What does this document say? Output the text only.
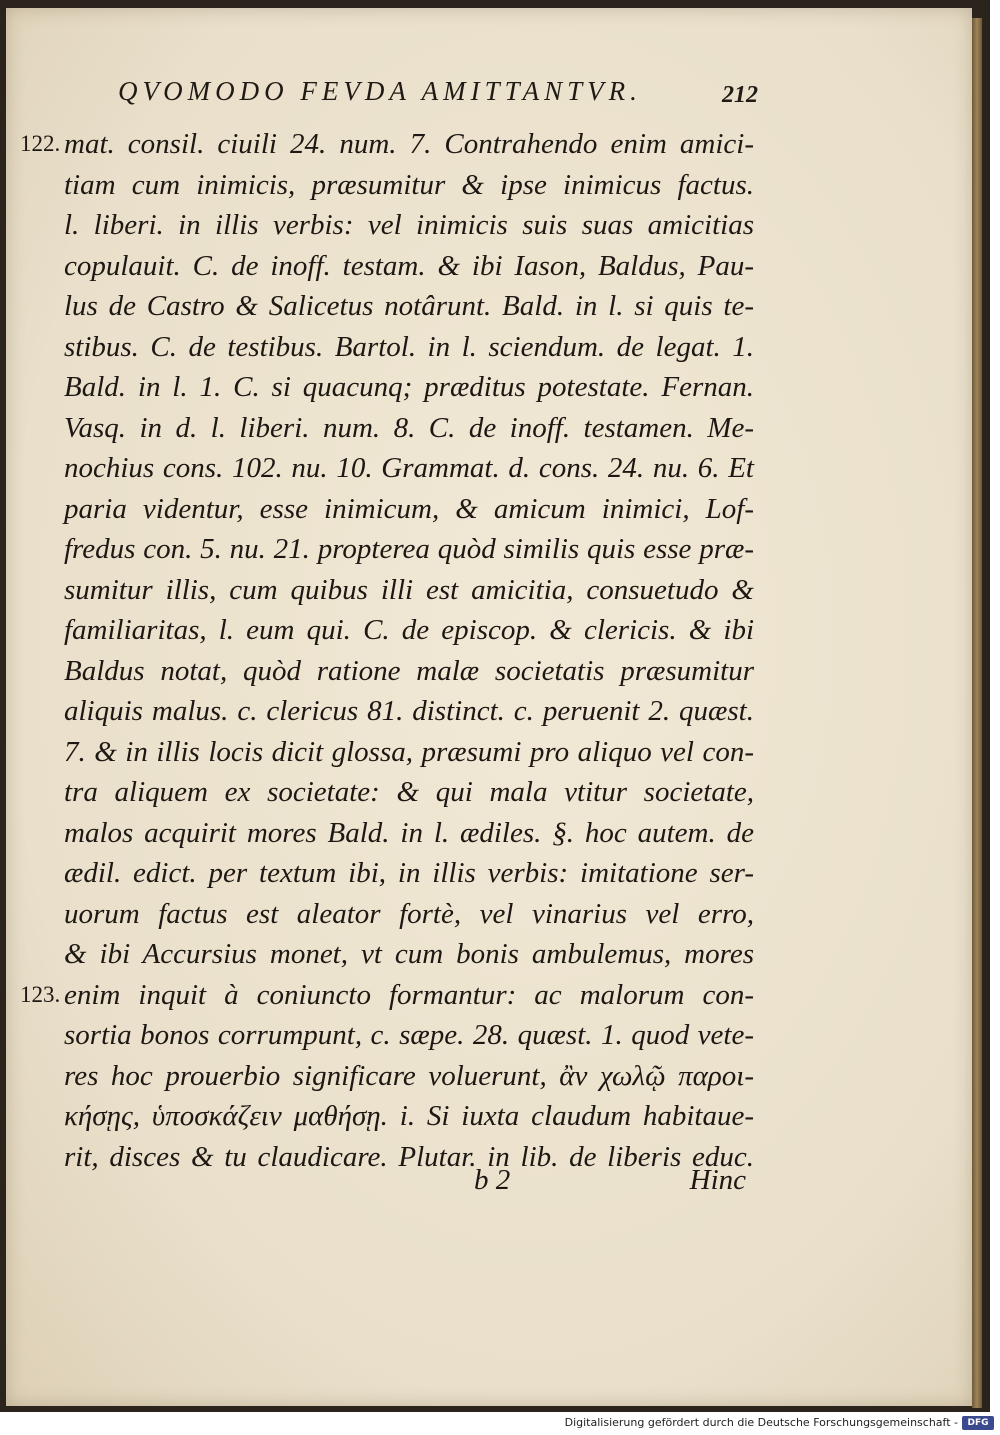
QVOMODO FEVDA AMITTANTVR.	212
122. mat. consil. ciuili 24. num. 7. Contrahendo enim amici-
tiam cum inimicis, præsumitur & ipse inimicus factus.
l. liberi. in illis verbis: vel inimicis suis suas amicitias
copulauit. C. de inoff. testam. & ibi Iason, Baldus, Pau-
lus de Castro & Salicetus notârunt. Bald. in l. si quis te-
stibus. C. de testibus. Bartol. in l. sciendum. de legat. 1.
Bald. in l. 1. C. si quacunq; præditus potestate. Fernan.
Vasq. in d. l. liberi. num. 8. C. de inoff. testamen. Me-
nochius cons. 102. nu. 10. Grammat. d. cons. 24. nu. 6. Et
paria videntur, esse inimicum, & amicum inimici, Lof-
fredus con. 5. nu. 21. propterea quòd similis quis esse præ-
sumitur illis, cum quibus illi est amicitia, consuetudo &
familiaritas, l. eum qui. C. de episcop. & clericis. & ibi
Baldus notat, quòd ratione malæ societatis præsumitur
aliquis malus. c. clericus 81. distinct. c. peruenit 2. quæst.
7. & in illis locis dicit glossa, præsumi pro aliquo vel con-
tra aliquem ex societate: & qui mala vtitur societate,
malos acquirit mores Bald. in l. ædiles. §. hoc autem. de
ædil. edict. per textum ibi, in illis verbis: imitatione ser-
uorum factus est aleator fortè, vel vinarius vel erro,
& ibi Accursius monet, vt cum bonis ambulemus, mores
123. enim inquit à coniuncto formantur: ac malorum con-
sortia bonos corrumpunt, c. sæpe. 28. quæst. 1. quod vete-
res hoc prouerbio significare voluerunt, ἂν χωλῷ παροι-
κήσῃς, ὑποσκάζειν μαθήσῃ. i. Si iuxta claudum habitaue-
rit, disces & tu claudicare. Plutar. in lib. de liberis educ.
b 2	Hinc
Digitalisierung gefördert durch die Deutsche Forschungsgemeinschaft -	DFG
